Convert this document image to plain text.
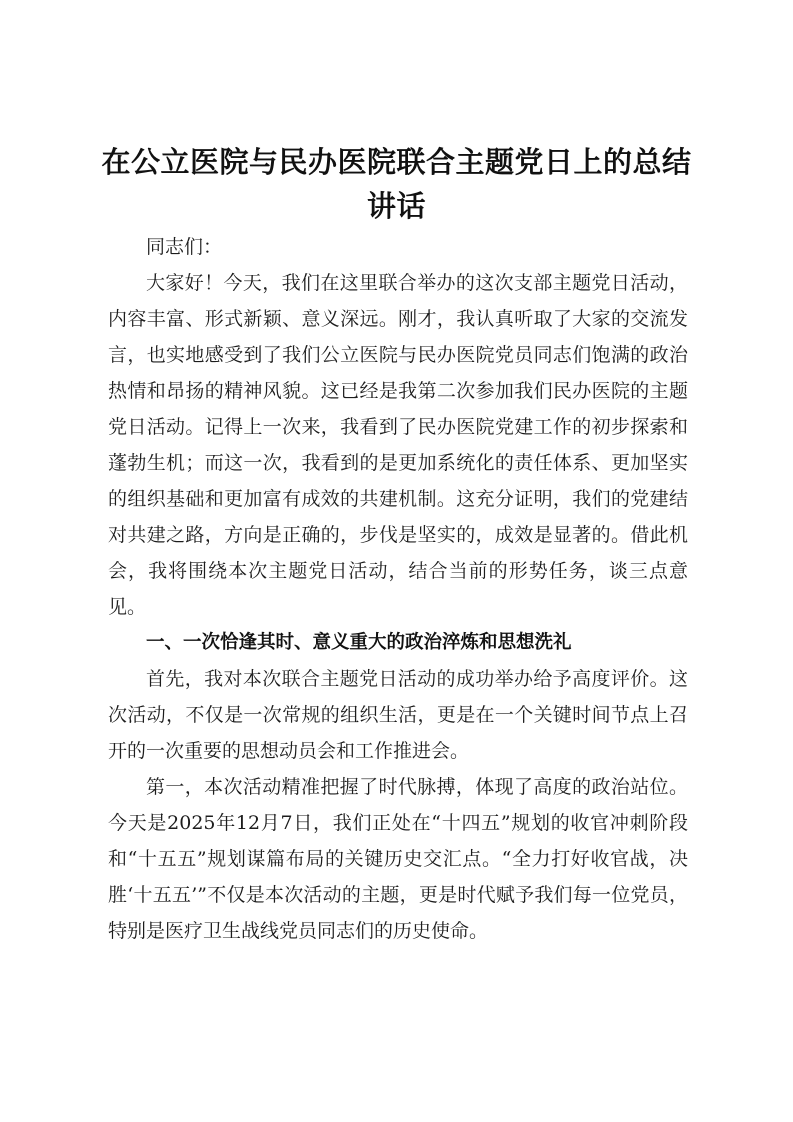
在公立医院与民办医院联合主题党日上的总结讲话

同志们：

大家好！今天，我们在这里联合举办的这次支部主题党日活动，内容丰富、形式新颖、意义深远。刚才，我认真听取了大家的交流发言，也实地感受到了我们公立医院与民办医院党员同志们饱满的政治热情和昂扬的精神风貌。这已经是我第二次参加我们民办医院的主题党日活动。记得上一次来，我看到了民办医院党建工作的初步探索和蓬勃生机；而这一次，我看到的是更加系统化的责任体系、更加坚实的组织基础和更加富有成效的共建机制。这充分证明，我们的党建结对共建之路，方向是正确的，步伐是坚实的，成效是显著的。借此机会，我将围绕本次主题党日活动，结合当前的形势任务，谈三点意见。

一、一次恰逢其时、意义重大的政治淬炼和思想洗礼

首先，我对本次联合主题党日活动的成功举办给予高度评价。这次活动，不仅是一次常规的组织生活，更是在一个关键时间节点上召开的一次重要的思想动员会和工作推进会。

第一，本次活动精准把握了时代脉搏，体现了高度的政治站位。今天是2025年12月7日，我们正处在“十四五”规划的收官冲刺阶段和“十五五”规划谋篇布局的关键历史交汇点。“全力打好收官战，决胜‘十五五’”不仅是本次活动的主题，更是时代赋予我们每一位党员，特别是医疗卫生战线党员同志们的历史使命。
